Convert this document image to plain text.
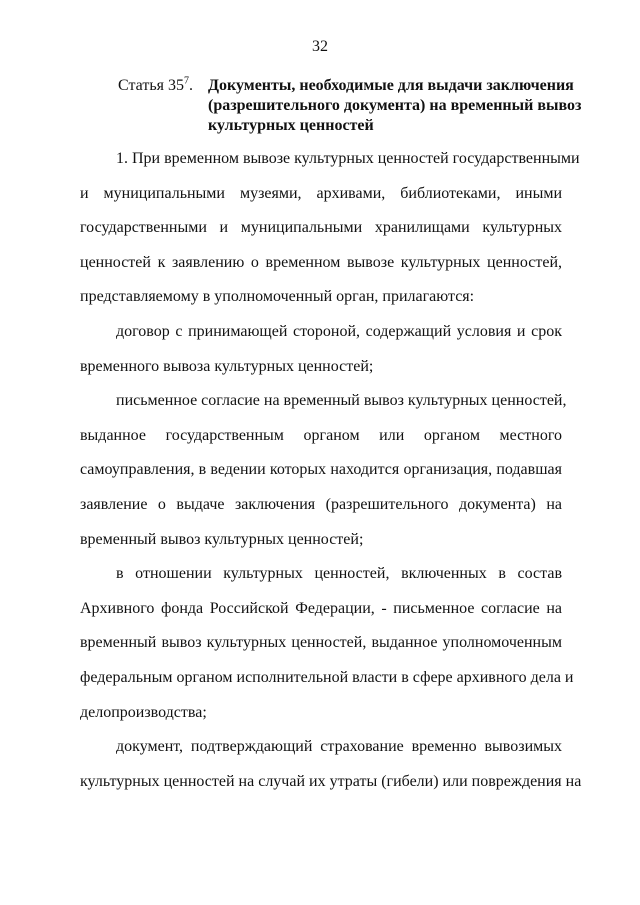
32
Статья $35^7$. Документы, необходимые для выдачи заключения
(разрешительного документа) на временный вывоз
культурных ценностей
1. При временном вывозе культурных ценностей государственными
и муниципальными музеями, архивами, библиотеками, иными
государственными и муниципальными хранилищами культурных
ценностей к заявлению о временном вывозе культурных ценностей,
представляемому в уполномоченный орган, прилагаются:
договор с принимающей стороной, содержащий условия и срок
временного вывоза культурных ценностей;
письменное согласие на временный вывоз культурных ценностей,
выданное государственным органом или органом местного
самоуправления, в ведении которых находится организация, подавшая
заявление о выдаче заключения (разрешительного документа) на
временный вывоз культурных ценностей;
в отношении культурных ценностей, включенных в состав
Архивного фонда Российской Федерации, - письменное согласие на
временный вывоз культурных ценностей, выданное уполномоченным
федеральным органом исполнительной власти в сфере архивного дела и
делопроизводства;
документ, подтверждающий страхование временно вывозимых
культурных ценностей на случай их утраты (гибели) или повреждения на
